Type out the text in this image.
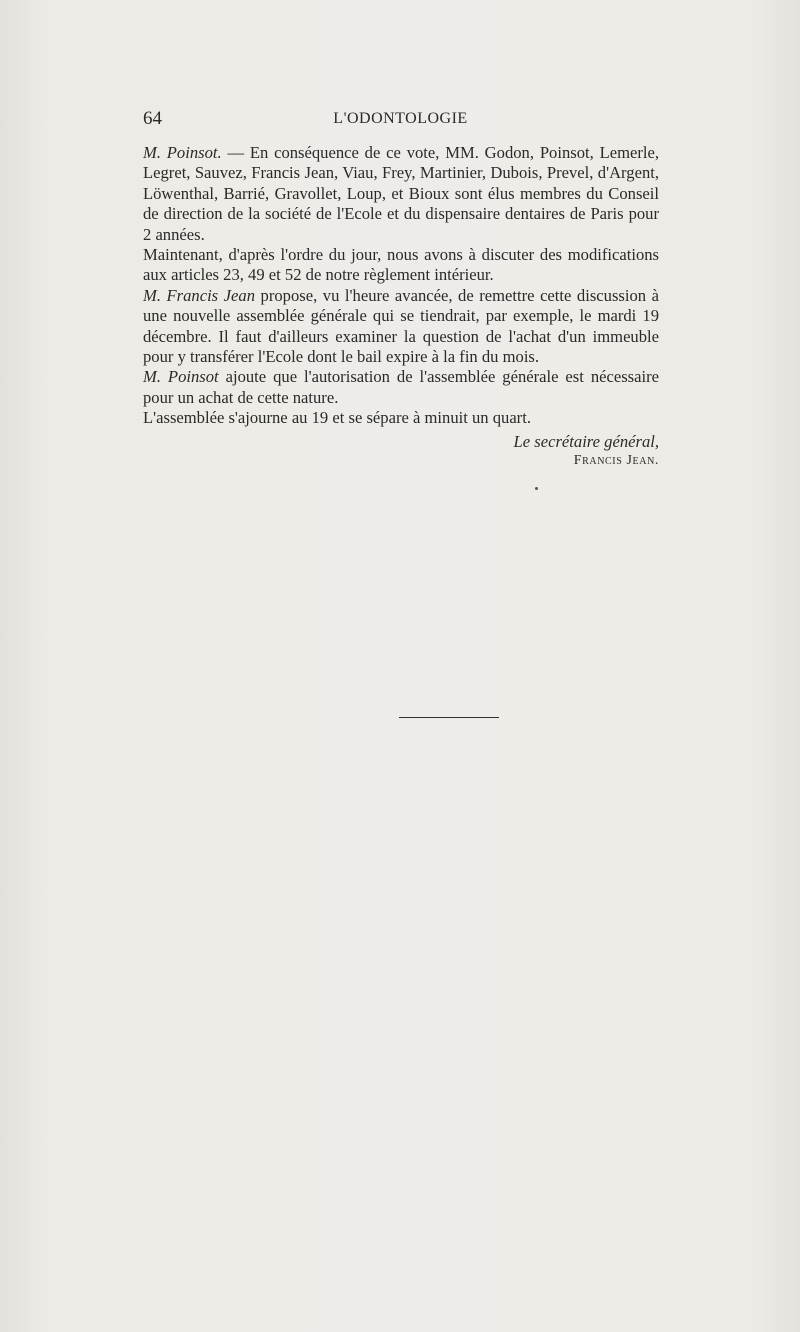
64	L'ODONTOLOGIE

M. Poinsot. — En conséquence de ce vote, MM. Godon, Poinsot, Lemerle, Legret, Sauvez, Francis Jean, Viau, Frey, Martinier, Dubois, Prevel, d'Argent, Löwenthal, Barrié, Gravollet, Loup, et Bioux sont élus membres du Conseil de direction de la société de l'Ecole et du dispensaire dentaires de Paris pour 2 années.

Maintenant, d'après l'ordre du jour, nous avons à discuter des modifications aux articles 23, 49 et 52 de notre règlement intérieur.

M. Francis Jean propose, vu l'heure avancée, de remettre cette discussion à une nouvelle assemblée générale qui se tiendrait, par exemple, le mardi 19 décembre. Il faut d'ailleurs examiner la question de l'achat d'un immeuble pour y transférer l'Ecole dont le bail expire à la fin du mois.

M. Poinsot ajoute que l'autorisation de l'assemblée générale est nécessaire pour un achat de cette nature.

L'assemblée s'ajourne au 19 et se sépare à minuit un quart.

Le secrétaire général,
Francis Jean.
